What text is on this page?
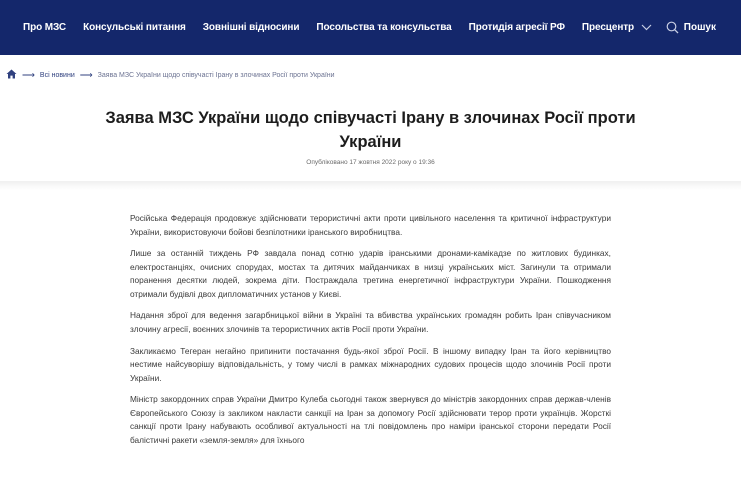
Про МЗС Консульські питання Зовнішні відносини Посольства та консульства Протидія агресії РФ Пресцентр	Пошук
⟶ Всі новини ⟶ Заява МЗС України щодо співучасті Ірану в злочинах Росії проти України
Заява МЗС України щодо співучасті Ірану в злочинах Росії проти України
Опубліковано 17 жовтня 2022 року о 19:36

Російська Федерація продовжує здійснювати терористичні акти проти цивільного населення та критичної інфраструктури України, використовуючи бойові безпілотники іранського виробництва.

Лише за останній тиждень РФ завдала понад сотню ударів іранськими дронами-камікадзе по житлових будинках, електростанціях, очисних спорудах, мостах та дитячих майданчиках в низці українських міст. Загинули та отримали поранення десятки людей, зокрема діти. Постраждала третина енергетичної інфраструктури України. Пошкодження отримали будівлі двох дипломатичних установ у Києві.

Надання зброї для ведення загарбницької війни в Україні та вбивства українських громадян робить Іран співучасником злочину агресії, воєнних злочинів та терористичних актів Росії проти України.

Закликаємо Тегеран негайно припинити постачання будь-якої зброї Росії. В іншому випадку Іран та його керівництво нестиме найсуворішу відповідальність, у тому числі в рамках міжнародних судових процесів щодо злочинів Росії проти України.

Міністр закордонних справ України Дмитро Кулеба сьогодні також звернувся до міністрів закордонних справ держав-членів Європейського Союзу із закликом накласти санкції на Іран за допомогу Росії здійснювати терор проти українців. Жорсткі санкції проти Ірану набувають особливої актуальності на тлі повідомлень про наміри іранської сторони передати Росії балістичні ракети «земля-земля» для їхнього
